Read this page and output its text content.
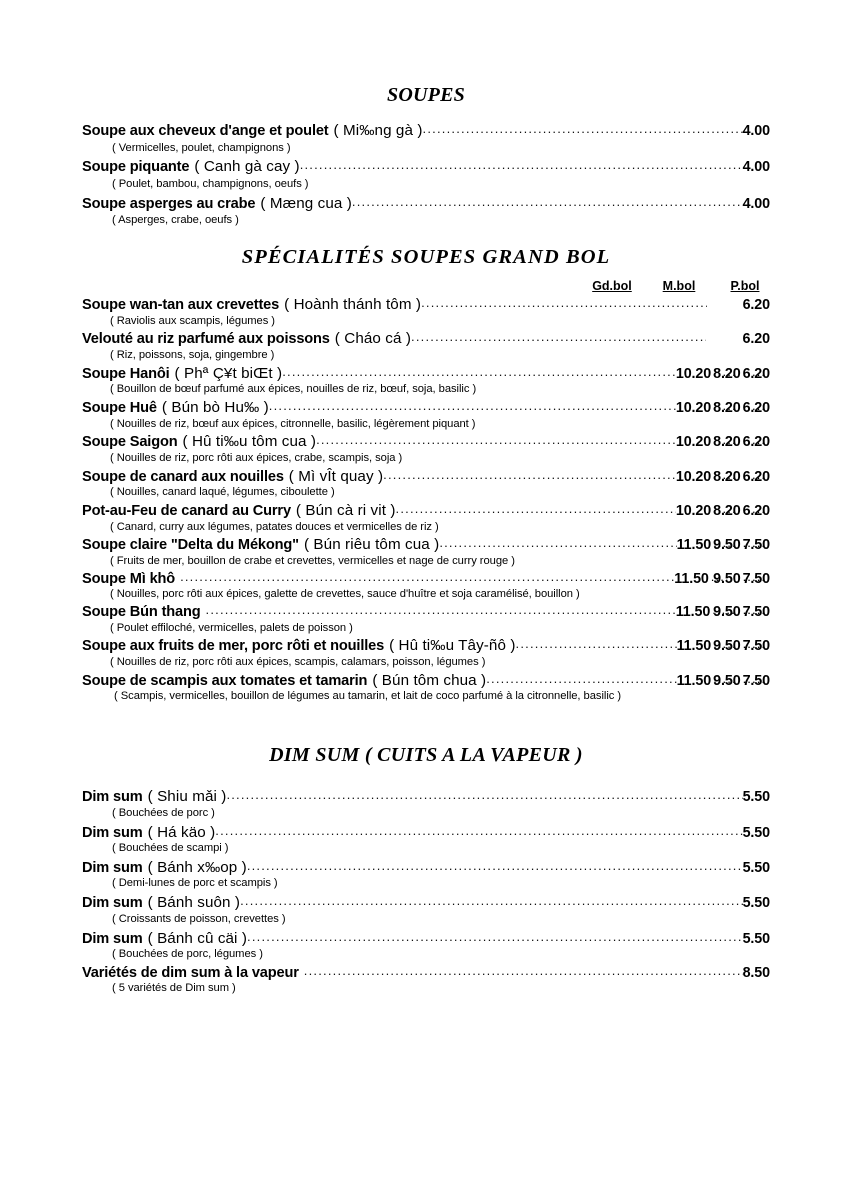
SOUPES
Soupe aux cheveux d'ange et poulet ( Mi‰ng gà ) .....	4.00
( Vermicelles, poulet, champignons )
Soupe piquante ( Canh gà cay ) .....	4.00
( Poulet, bambou, champignons, oeufs )
Soupe asperges au crabe ( Mæng cua ) .....	4.00
( Asperges, crabe, oeufs )
SPÉCIALITÉS SOUPES GRAND BOL
Gd.bol	M.bol	P.bol
Soupe wan-tan aux crevettes ( Hoành thánh tôm ) .....	6.20
( Raviolis aux scampis, légumes )
Velouté au riz parfumé aux poissons ( Cháo cá ) .....	6.20
( Riz, poissons, soja, gingembre )
Soupe Hanôi ( Phª Ç¥t biŒt ) .....	10.20 ..... 8.20 ..... 6.20
( Bouillon de bœuf parfumé aux épices, nouilles de riz, bœuf, soja, basilic )
Soupe Huê ( Bún bò Hu‰ ) .....	10.20 ..... 8.20 ..... 6.20
( Nouilles de riz, bœuf aux épices, citronnelle, basilic, légèrement piquant )
Soupe Saigon ( Hû ti‰u tôm cua ) .....	10.20 ..... 8.20 ..... 6.20
( Nouilles de riz, porc rôti aux épices, crabe, scampis, soja )
Soupe de canard aux nouilles ( Mì vÎt quay ) .....	10.20 ..... 8.20 ..... 6.20
( Nouilles, canard laqué, légumes, ciboulette )
Pot-au-Feu de canard au Curry ( Bún cà ri vit ) .....	10.20 ..... 8.20 ..... 6.20
( Canard, curry aux légumes, patates douces et vermicelles de riz )
Soupe claire "Delta du Mékong" ( Bún riêu tôm cua ) .....	11.50 ..... 9.50 ..... 7.50
( Fruits de mer, bouillon de crabe et crevettes, vermicelles et nage de curry rouge )
Soupe Mì khô .....	11.50 ..... 9.50 ..... 7.50
( Nouilles, porc rôti aux épices, galette de crevettes, sauce d'huître et soja caramélisé, bouillon )
Soupe Bún thang .....	11.50 ..... 9.50 ..... 7.50
( Poulet effiloché, vermicelles, palets de poisson )
Soupe aux fruits de mer, porc rôti et nouilles ( Hû ti‰u Tây-ñô ) .....	11.50 ..... 9.50 ..... 7.50
( Nouilles de riz, porc rôti aux épices, scampis, calamars, poisson, légumes )
Soupe de scampis aux tomates et tamarin ( Bún tôm chua ) .....	11.50 ..... 9.50 ..... 7.50
( Scampis, vermicelles, bouillon de légumes au tamarin, et lait de coco parfumé à la citronnelle, basilic )
DIM SUM ( CUITS A LA VAPEUR )
Dim sum ( Shiu mǎi ) .....	5.50
( Bouchées de porc )
Dim sum ( Há käo ) .....	5.50
( Bouchées de scampi )
Dim sum ( Bánh x‰op ) .....	5.50
( Demi-lunes de porc et scampis )
Dim sum ( Bánh suôn ) .....	5.50
( Croissants de poisson, crevettes )
Dim sum ( Bánh cû cäi ) .....	5.50
( Bouchées de porc, légumes )
Variétés de dim sum à la vapeur .....	8.50
( 5 variétés de Dim sum )
